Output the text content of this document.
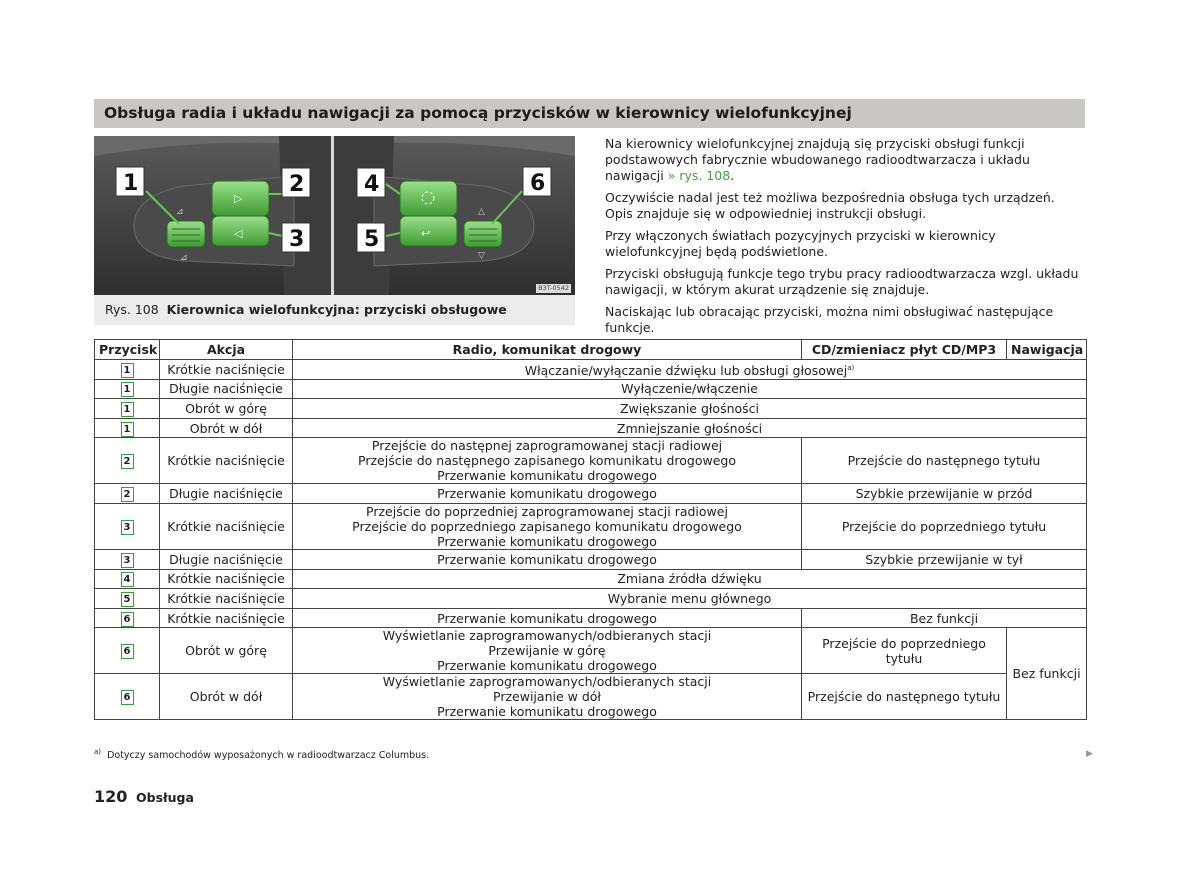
Obsługa radia i układu nawigacji za pomocą przycisków w kierownicy wielofunkcyjnej
⊿
⊿
▷
◁	↩
△
▽
1	2
3
4
5
6
B3T-0542
Rys. 108 Kierownica wielofunkcyjna: przyciski obsługowe

Na kierownicy wielofunkcyjnej znajdują się przyciski obsługi funkcji podstawowych fabrycznie wbudowanego radioodtwarzacza i układu nawigacji » rys. 108.

Oczywiście nadal jest też możliwa bezpośrednia obsługa tych urządzeń. Opis znajduje się w odpowiedniej instrukcji obsługi.

Przy włączonych światłach pozycyjnych przyciski w kierownicy wielofunkcyjnej będą podświetlone.

Przyciski obsługują funkcje tego trybu pracy radioodtwarzacza wzgl. układu nawigacji, w którym akurat urządzenie się znajduje.

Naciskając lub obracając przyciski, można nimi obsługiwać następujące funkcje.

Przycisk	Akcja	Radio, komunikat drogowy	CD/zmieniacz płyt CD/MP3	Nawigacja
1	Krótkie naciśnięcie	Włączanie/wyłączanie dźwięku lub obsługi głosowej$^{a)}$
1	Długie naciśnięcie	Wyłączenie/włączenie		
1	Obrót w górę	Zwiększanie głośności		
1	Obrót w dół	Zmniejszanie głośności		
2	Krótkie naciśnięcie	Przejście do następnej zaprogramowanej stacji radiowej
Przejście do następnego zapisanego komunikatu drogowego
Przerwanie komunikatu drogowego	Przejście do następnego tytułu	
2	Długie naciśnięcie	Przerwanie komunikatu drogowego	Szybkie przewijanie w przód	
3	Krótkie naciśnięcie	Przejście do poprzedniej zaprogramowanej stacji radiowej
Przejście do poprzedniego zapisanego komunikatu drogowego
Przerwanie komunikatu drogowego	Przejście do poprzedniego tytułu	
3	Długie naciśnięcie	Przerwanie komunikatu drogowego	Szybkie przewijanie w tył	
4	Krótkie naciśnięcie	Zmiana źródła dźwięku		
5	Krótkie naciśnięcie	Wybranie menu głównego		
6	Krótkie naciśnięcie	Przerwanie komunikatu drogowego	Bez funkcji	
6	Obrót w górę	Wyświetlanie zaprogramowanych/odbieranych stacji
Przewijanie w górę
Przerwanie komunikatu drogowego	Przejście do poprzedniego tytułu	Bez funkcji
6	Obrót w dół	Wyświetlanie zaprogramowanych/odbieranych stacji
Przewijanie w dół
Przerwanie komunikatu drogowego	Przejście do następnego tytułu	
$^{a)}$ Dotyczy samochodów wyposażonych w radioodtwarzacz Columbus.	▶
120 Obsługa
